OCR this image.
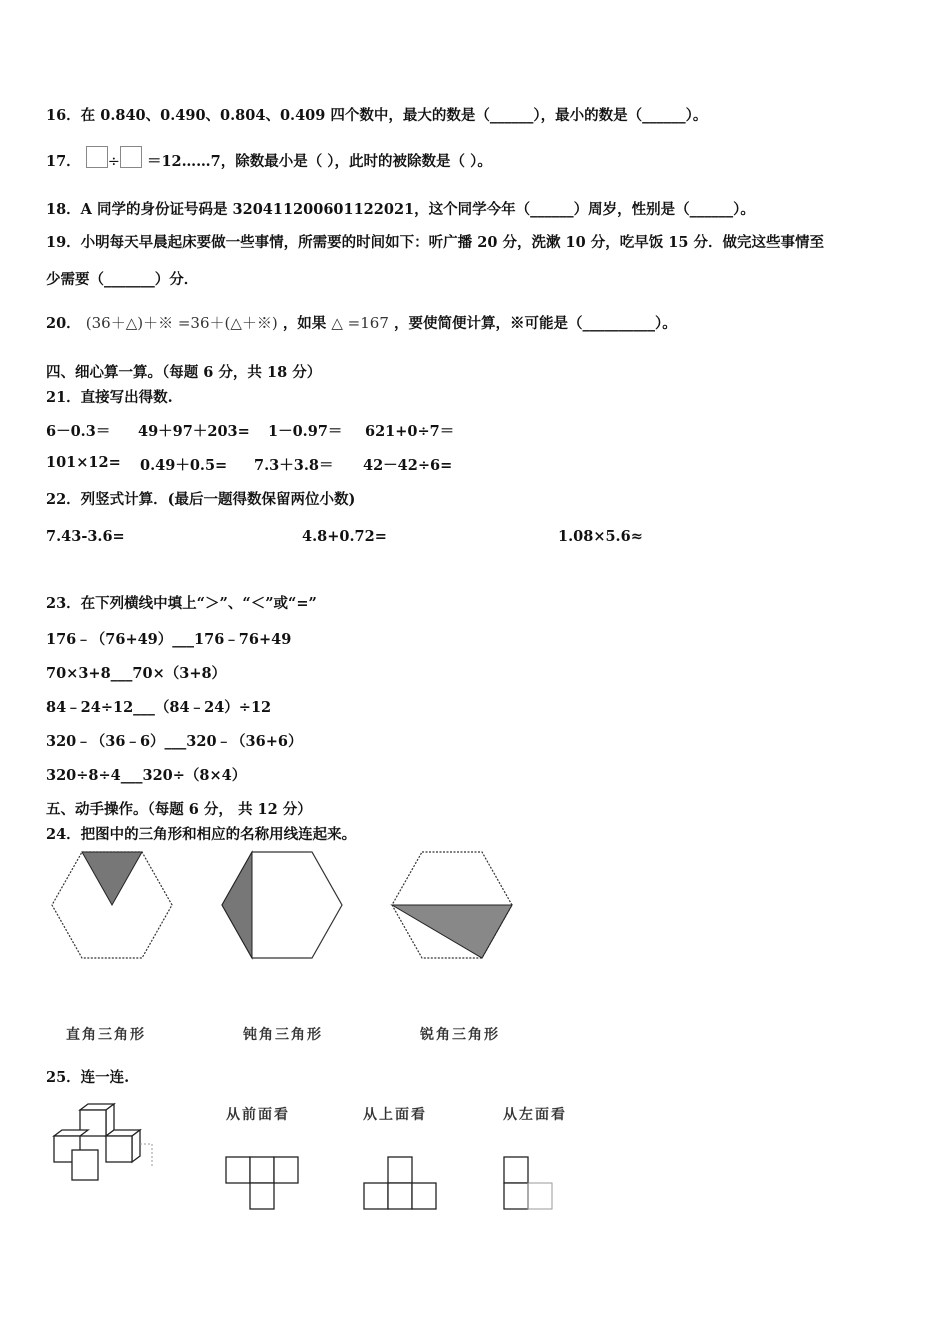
16．在 0.840、0.490、0.804、0.409 四个数中，最大的数是（______），最小的数是（______）。
17． ÷ ＝12……7，除数最小是（ ），此时的被除数是（ ）。
18．A 同学的身份证号码是 320411200601122021，这个同学今年（______）周岁，性别是（______）。
19．小明每天早晨起床要做一些事情，所需要的时间如下：听广播 20 分，洗漱 10 分，吃早饭 15 分．做完这些事情至
少需要（_______）分．
20． (36＋△)＋※ =36＋(△＋※) ，如果 △ =167 ，要使简便计算，※可能是（__________）。
四、细心算一算。（每题 6 分，共 18 分）
21．直接写出得数.
6－0.3＝ 49＋97＋203= 1－0.97＝ 621+0÷7＝
101×12= 0.49＋0.5= 7.3＋3.8＝ 42－42÷6=
22．列竖式计算．(最后一题得数保留两位小数)
7.43-3.6=	4.8+0.72=	1.08×5.6≈
23．在下列横线中填上“＞”、“＜”或“=”
176﹣（76+49）___176﹣76+49
70×3+8___70×（3+8）
84﹣24÷12___（84﹣24）÷12
320﹣（36﹣6）___320﹣（36+6）
320÷8÷4___320÷（8×4）
五、动手操作。（每题 6 分， 共 12 分）
24．把图中的三角形和相应的名称用线连起来。
直角三角形	钝角三角形	锐角三角形
25．连一连.
从前面看	从上面看	从左面看
